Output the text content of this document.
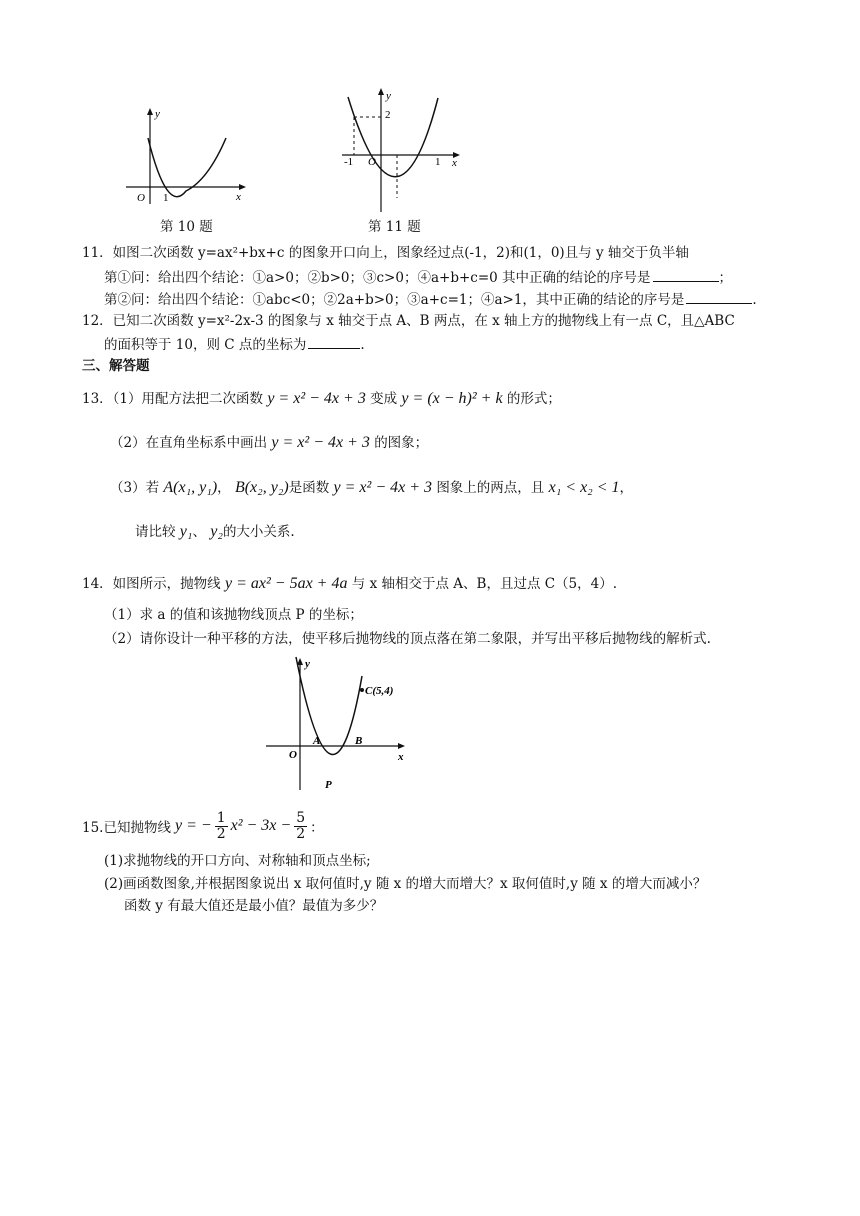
y
x
O 1
第 10 题
y
2
-1 O	1 x
第 11 题
11．如图二次函数 y=ax²+bx+c 的图象开口向上，图象经过点(-1，2)和(1，0)且与 y 轴交于负半轴
第①问：给出四个结论：①a>0；②b>0；③c>0；④a+b+c=0 其中正确的结论的序号是	；
第②问：给出四个结论：①abc<0；②2a+b>0；③a+c=1；④a>1，其中正确的结论的序号是	.
12．已知二次函数 y=x²-2x-3 的图象与 x 轴交于点 A、B 两点，在 x 轴上方的抛物线上有一点 C，且△ABC
的面积等于 10，则 C 点的坐标为	.
三、解答题
13．（1）用配方法把二次函数 y = x² − 4x + 3 变成 y = (x − h)² + k 的形式；
（2）在直角坐标系中画出 y = x² − 4x + 3 的图象；
（3）若 A(x₁, y₁)， B(x₂, y₂)是函数 y = x² − 4x + 3 图象上的两点，且 x₁ < x₂ < 1，
请比较 y₁、 y₂的大小关系.
14．如图所示，抛物线 y = ax² − 5ax + 4a 与 x 轴相交于点 A、B，且过点 C（5，4）.
（1）求 a 的值和该抛物线顶点 P 的坐标；
（2）请你设计一种平移的方法，使平移后抛物线的顶点落在第二象限，并写出平移后抛物线的解析式.
y
C(5,4)
A	B
O	x
P
15.已知抛物线 y = − $\frac{1}{2} x^2 - 3x - \frac{5}{2}$ ：
(1)求抛物线的开口方向、对称轴和顶点坐标;
(2)画函数图象,并根据图象说出 x 取何值时,y 随 x 的增大而增大？x 取何值时,y 随 x 的增大而减小？
函数 y 有最大值还是最小值？最值为多少？
